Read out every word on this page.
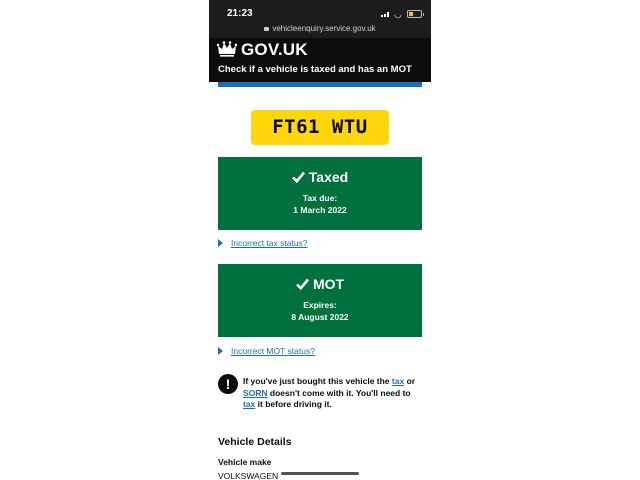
21:23	◡
vehicleenquiry.service.gov.uk
GOV.UK
Check if a vehicle is taxed and has an MOT
FT61 WTU
Taxed
Tax due:
1 March 2022
Incorrect tax status?
MOT
Expires:
8 August 2022
Incorrect MOT status?
!	If you've just bought this vehicle the tax or SORN doesn't come with it. You'll need to tax it before driving it.
Vehicle Details
Vehicle make
VOLKSWAGEN
